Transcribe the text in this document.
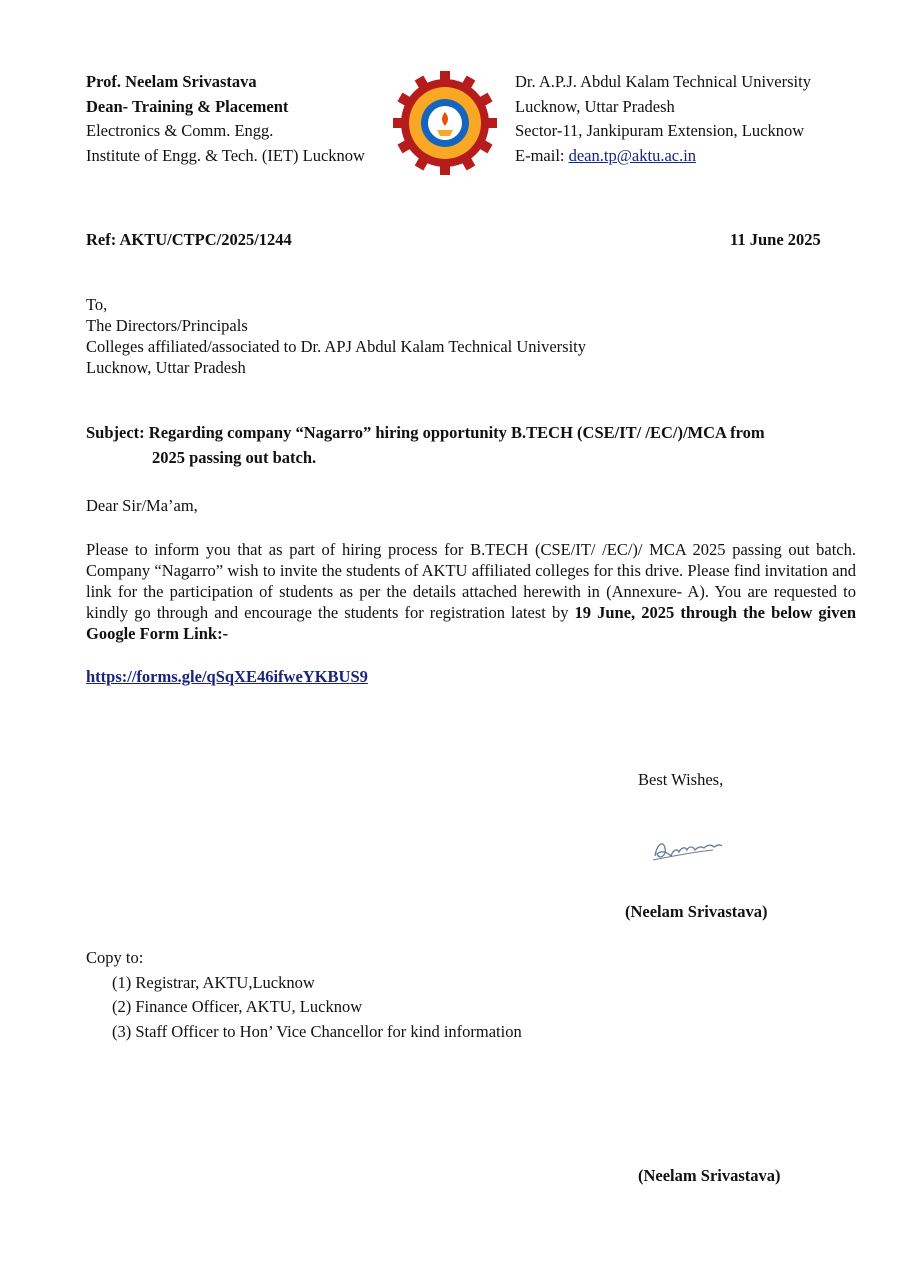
Prof. Neelam Srivastava
Dean- Training & Placement
Electronics & Comm. Engg.
Institute of Engg. & Tech. (IET) Lucknow
Dr. A.P.J. Abdul Kalam Technical University
Lucknow, Uttar Pradesh
Sector-11, Jankipuram Extension, Lucknow
E-mail: dean.tp@aktu.ac.in
Ref: AKTU/CTPC/2025/1244	11 June 2025
To,
The Directors/Principals
Colleges affiliated/associated to Dr. APJ Abdul Kalam Technical University
Lucknow, Uttar Pradesh
Subject: Regarding company “Nagarro” hiring opportunity B.TECH (CSE/IT/ /EC/)/MCA from
2025 passing out batch.
Dear Sir/Ma’am,
Please to inform you that as part of hiring process for B.TECH (CSE/IT/ /EC/)/ MCA 2025 passing out batch. Company “Nagarro” wish to invite the students of AKTU affiliated colleges for this drive. Please find invitation and link for the participation of students as per the details attached herewith in (Annexure- A). You are requested to kindly go through and encourage the students for registration latest by 19 June, 2025 through the below given Google Form Link:-
https://forms.gle/qSqXE46ifweYKBUS9
Best Wishes,
(Neelam Srivastava)
Copy to:
(1) Registrar, AKTU,Lucknow
(2) Finance Officer, AKTU, Lucknow
(3) Staff Officer to Hon’ Vice Chancellor for kind information
(Neelam Srivastava)
